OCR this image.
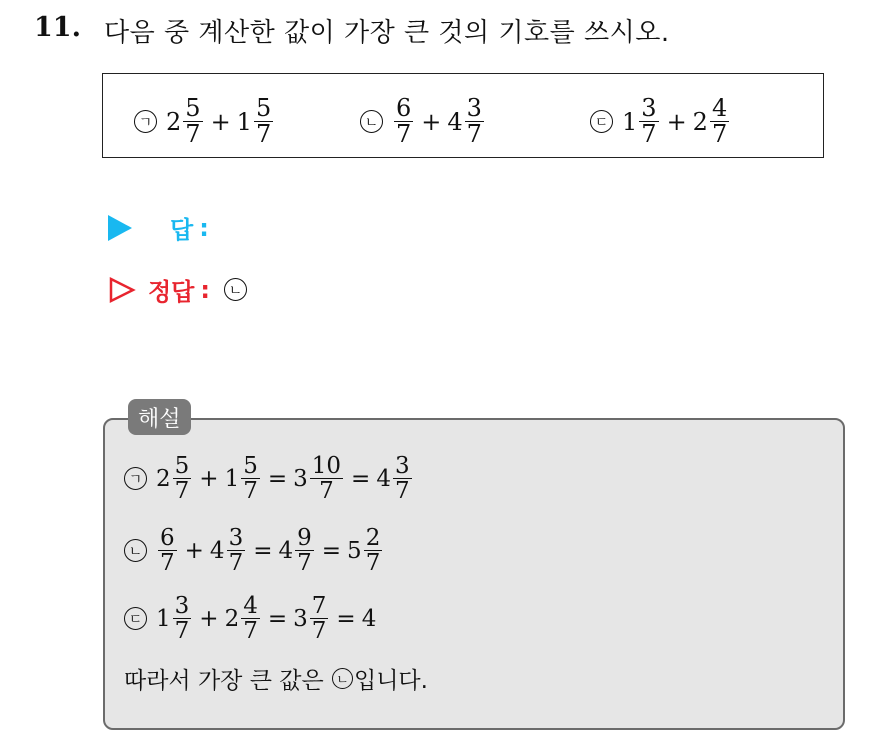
11. 다음 중 계산한 값이 가장 큰 것의 기호를 쓰시오.
ㄱ $2 \frac{5}{7} + 1 \frac{5}{7}$	ㄴ $\frac{6}{7} + 4 \frac{3}{7}$	ㄷ $1 \frac{3}{7} + 2 \frac{4}{7}$
답 :
정답 :	ㄴ
해설
ㄱ $2 \frac{5}{7} + 1 \frac{5}{7} = 3 \frac{10}{7} = 4 \frac{3}{7}$
ㄴ $\frac{6}{7} + 4 \frac{3}{7} = 4 \frac{9}{7} = 5 \frac{2}{7}$
ㄷ $1 \frac{3}{7} + 2 \frac{4}{7} = 3 \frac{7}{7} = 4$
따라서 가장 큰 값은 ㄴ 입니다.
